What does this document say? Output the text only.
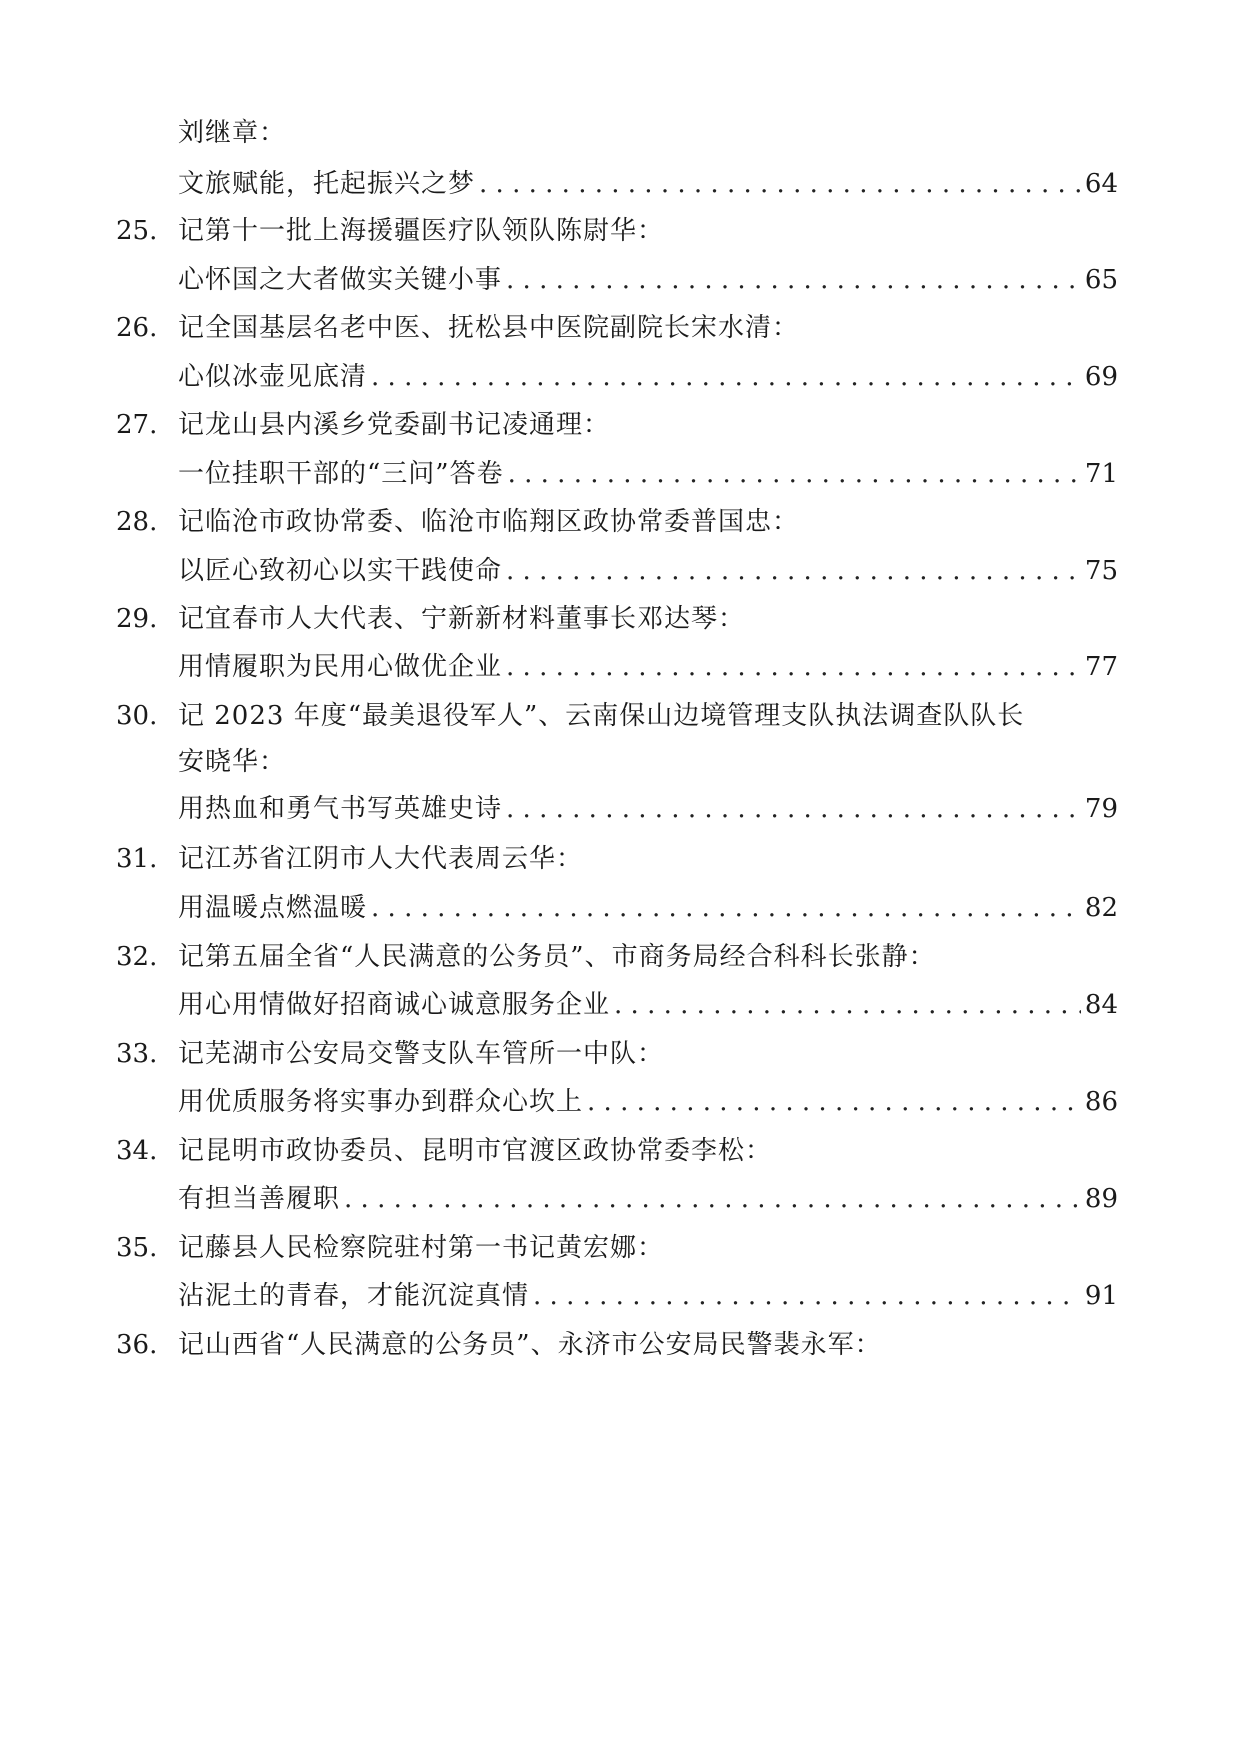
刘继章：
文旅赋能，托起振兴之梦 . . .	64
25. 记第十一批上海援疆医疗队领队陈尉华：
心怀国之大者做实关键小事 . . .	65
26. 记全国基层名老中医、抚松县中医院副院长宋水清：
心似冰壶见底清 . . .	69
27. 记龙山县内溪乡党委副书记凌通理：
一位挂职干部的“三问”答卷 . . .	71
28. 记临沧市政协常委、临沧市临翔区政协常委普国忠：
以匠心致初心以实干践使命 . . .	75
29. 记宜春市人大代表、宁新新材料董事长邓达琴：
用情履职为民用心做优企业 . . .	77
30. 记 2023 年度“最美退役军人”、云南保山边境管理支队执法调查队队长
安晓华：
用热血和勇气书写英雄史诗 . . .	79
31. 记江苏省江阴市人大代表周云华：
用温暖点燃温暖 . . .	82
32. 记第五届全省“人民满意的公务员”、市商务局经合科科长张静：
用心用情做好招商诚心诚意服务企业 . . .	84
33. 记芜湖市公安局交警支队车管所一中队：
用优质服务将实事办到群众心坎上 . . .	86
34. 记昆明市政协委员、昆明市官渡区政协常委李松：
有担当善履职 . . .	89
35. 记藤县人民检察院驻村第一书记黄宏娜：
沾泥土的青春，才能沉淀真情 . . .	91
36. 记山西省“人民满意的公务员”、永济市公安局民警裴永军：
